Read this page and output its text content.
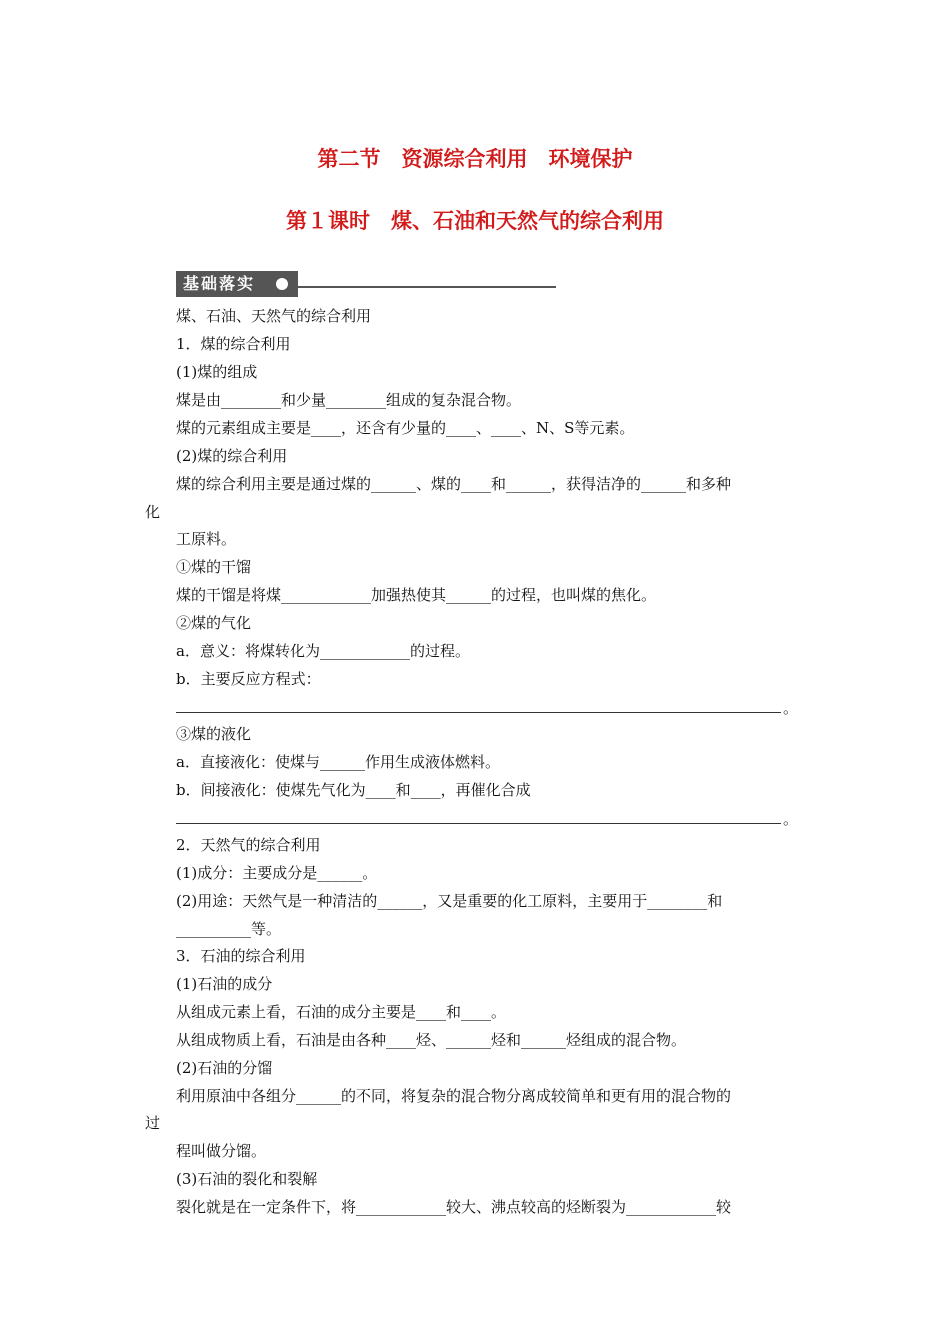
第二节　资源综合利用　环境保护
第１课时　煤、石油和天然气的综合利用
基础落实
煤、石油、天然气的综合利用
1．煤的综合利用
(1)煤的组成
煤是由________和少量________组成的复杂混合物。
煤的元素组成主要是____，还含有少量的____、____、N、S等元素。
(2)煤的综合利用
煤的综合利用主要是通过煤的______、煤的____和______，获得洁净的______和多种
化
工原料。
①煤的干馏
煤的干馏是将煤____________加强热使其______的过程，也叫煤的焦化。
②煤的气化
a．意义：将煤转化为____________的过程。
b．主要反应方程式：
。
③煤的液化
a．直接液化：使煤与______作用生成液体燃料。
b．间接液化：使煤先气化为____和____，再催化合成
。
2．天然气的综合利用
(1)成分：主要成分是______。
(2)用途：天然气是一种清洁的______，又是重要的化工原料，主要用于________和
__________等。
3．石油的综合利用
(1)石油的成分
从组成元素上看，石油的成分主要是____和____。
从组成物质上看，石油是由各种____烃、______烃和______烃组成的混合物。
(2)石油的分馏
利用原油中各组分______的不同，将复杂的混合物分离成较简单和更有用的混合物的
过
程叫做分馏。
(3)石油的裂化和裂解
裂化就是在一定条件下，将____________较大、沸点较高的烃断裂为____________较
